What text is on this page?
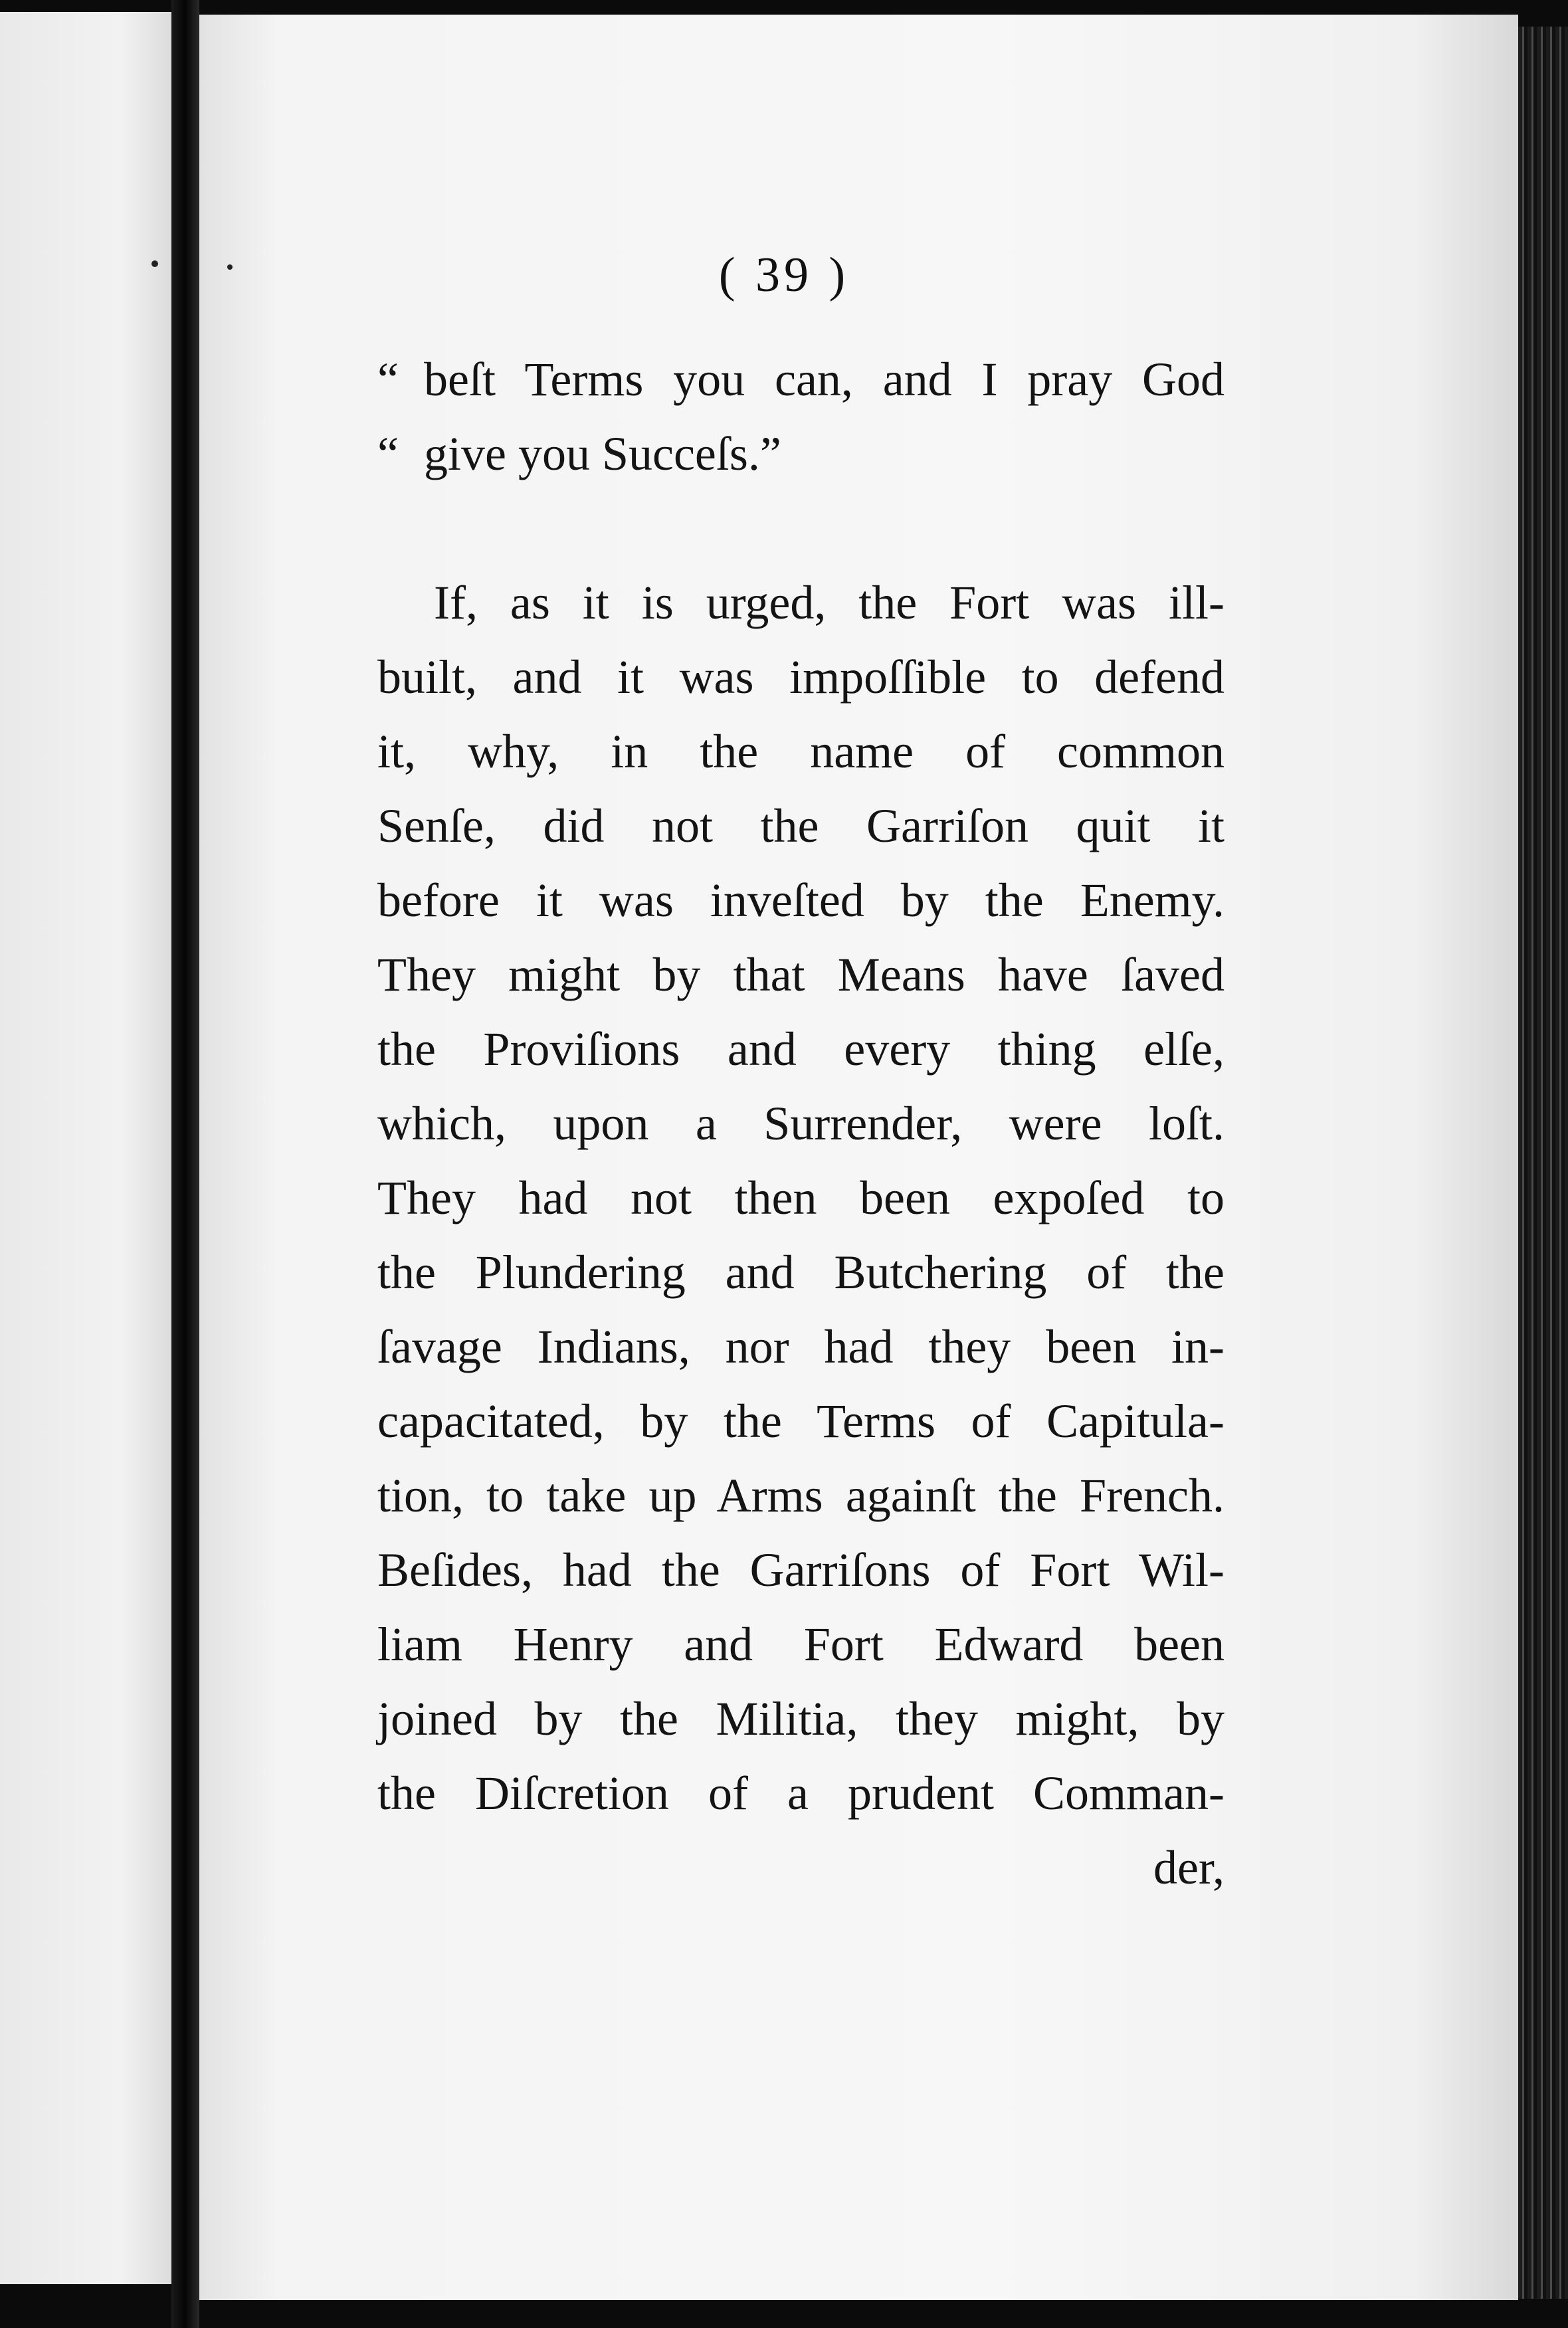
( 39 )
“ beſt Terms you can, and I pray God
“ give you Succeſs.”
If, as it is urged, the Fort was ill-
built, and it was impoſſible to defend
it, why, in the name of common
Senſe, did not the Garriſon quit it
before it was inveſted by the Enemy.
They might by that Means have ſaved
the Proviſions and every thing elſe,
which, upon a Surrender, were loſt.
They had not then been expoſed to
the Plundering and Butchering of the
ſavage Indians, nor had they been in-
capacitated, by the Terms of Capitula-
tion, to take up Arms againſt the French.
Beſides, had the Garriſons of Fort Wil-
liam Henry and Fort Edward been
joined by the Militia, they might, by
the Diſcretion of a prudent Comman-
der,
